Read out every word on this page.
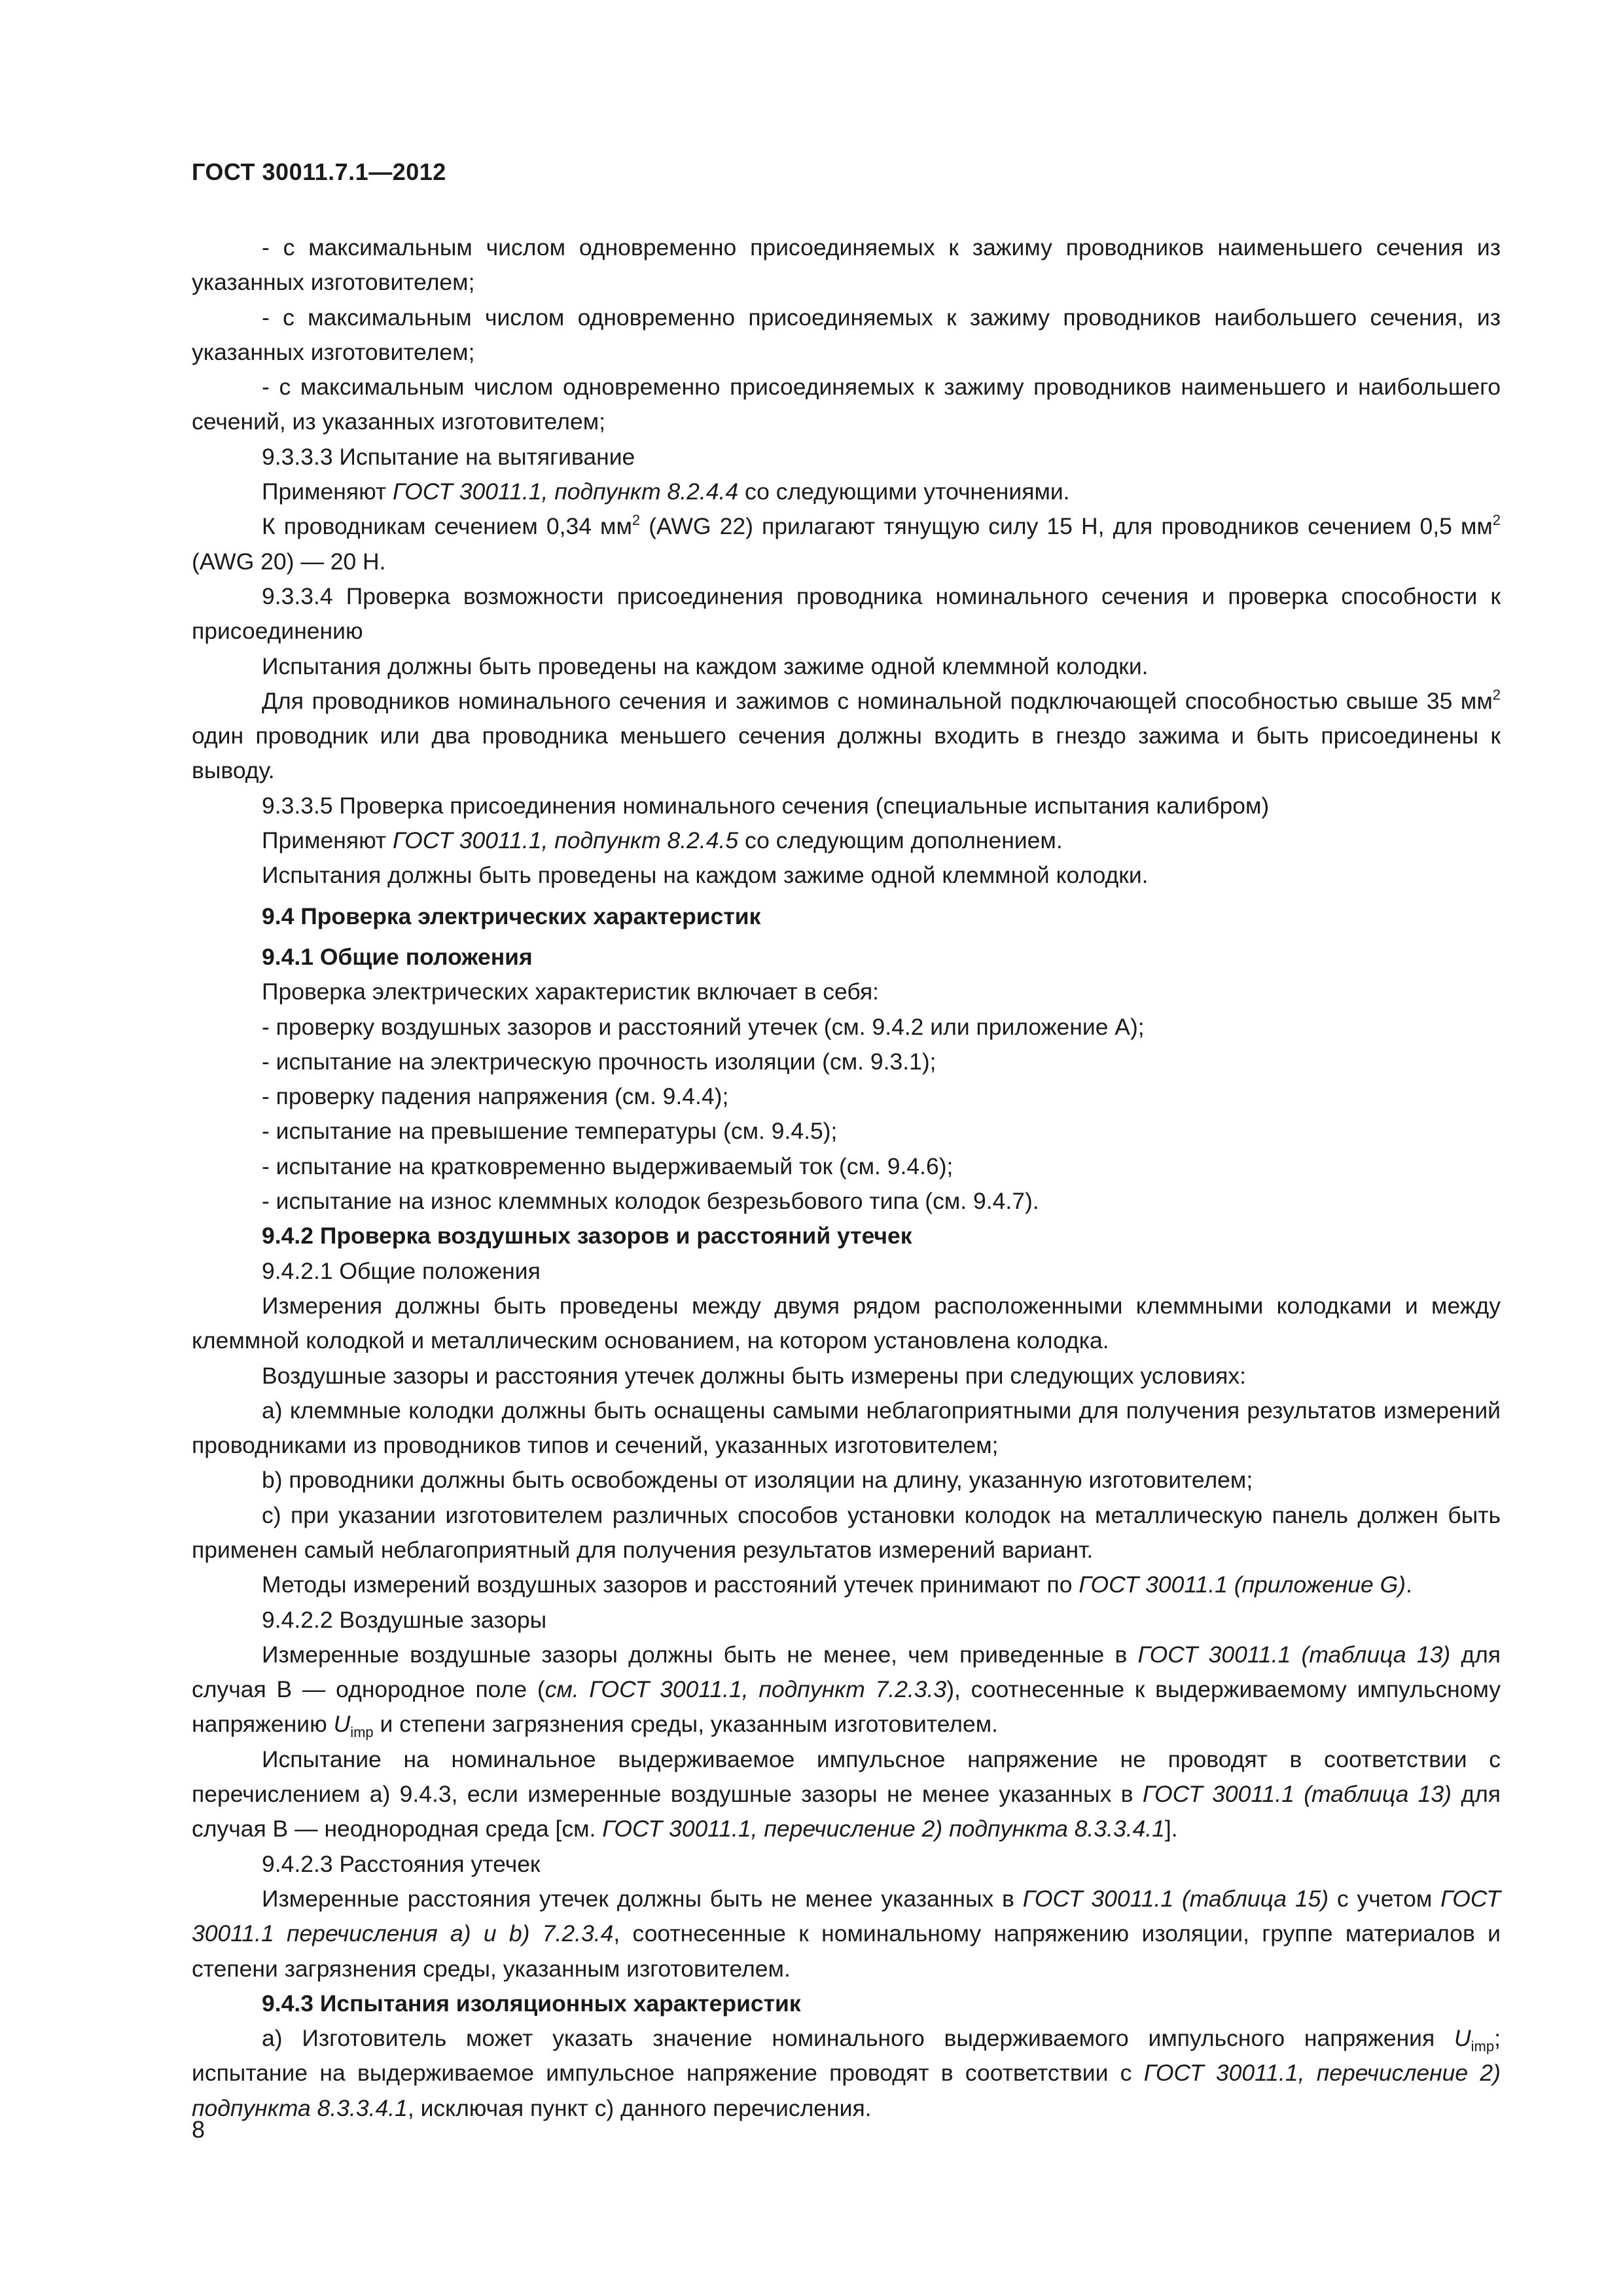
ГОСТ 30011.7.1—2012

- с максимальным числом одновременно присоединяемых к зажиму проводников наименьшего сечения из указанных изготовителем;

- с максимальным числом одновременно присоединяемых к зажиму проводников наибольшего сечения, из указанных изготовителем;

- с максимальным числом одновременно присоединяемых к зажиму проводников наименьшего и наибольшего сечений, из указанных изготовителем;

9.3.3.3 Испытание на вытягивание

Применяют ГОСТ 30011.1, подпункт 8.2.4.4 со следующими уточнениями.

К проводникам сечением 0,34 $мм^2$ (AWG 22) прилагают тянущую силу 15 Н, для проводников сечением 0,5 $мм^2$ (AWG 20) — 20 Н.

9.3.3.4 Проверка возможности присоединения проводника номинального сечения и проверка способности к присоединению

Испытания должны быть проведены на каждом зажиме одной клеммной колодки.

Для проводников номинального сечения и зажимов с номинальной подключающей способностью свыше 35 $мм^2$ один проводник или два проводника меньшего сечения должны входить в гнездо зажима и быть присоединены к выводу.

9.3.3.5 Проверка присоединения номинального сечения (специальные испытания калибром)

Применяют ГОСТ 30011.1, подпункт 8.2.4.5 со следующим дополнением.

Испытания должны быть проведены на каждом зажиме одной клеммной колодки.

9.4 Проверка электрических характеристик

9.4.1 Общие положения

Проверка электрических характеристик включает в себя:

- проверку воздушных зазоров и расстояний утечек (см. 9.4.2 или приложение А);

- испытание на электрическую прочность изоляции (см. 9.3.1);

- проверку падения напряжения (см. 9.4.4);

- испытание на превышение температуры (см. 9.4.5);

- испытание на кратковременно выдерживаемый ток (см. 9.4.6);

- испытание на износ клеммных колодок безрезьбового типа (см. 9.4.7).

9.4.2 Проверка воздушных зазоров и расстояний утечек

9.4.2.1 Общие положения

Измерения должны быть проведены между двумя рядом расположенными клеммными колодками и между клеммной колодкой и металлическим основанием, на котором установлена колодка.

Воздушные зазоры и расстояния утечек должны быть измерены при следующих условиях:

a) клеммные колодки должны быть оснащены самыми неблагоприятными для получения результатов измерений проводниками из проводников типов и сечений, указанных изготовителем;

b) проводники должны быть освобождены от изоляции на длину, указанную изготовителем;

c) при указании изготовителем различных способов установки колодок на металлическую панель должен быть применен самый неблагоприятный для получения результатов измерений вариант.

Методы измерений воздушных зазоров и расстояний утечек принимают по ГОСТ 30011.1 (приложение G).

9.4.2.2 Воздушные зазоры

Измеренные воздушные зазоры должны быть не менее, чем приведенные в ГОСТ 30011.1 (таблица 13) для случая В — однородное поле (см. ГОСТ 30011.1, подпункт 7.2.3.3), соотнесенные к выдерживаемому импульсному напряжению $U_{imp}$ и степени загрязнения среды, указанным изготовителем.

Испытание на номинальное выдерживаемое импульсное напряжение не проводят в соответствии с перечислением а) 9.4.3, если измеренные воздушные зазоры не менее указанных в ГОСТ 30011.1 (таблица 13) для случая В — неоднородная среда [см. ГОСТ 30011.1, перечисление 2) подпункта 8.3.3.4.1].

9.4.2.3 Расстояния утечек

Измеренные расстояния утечек должны быть не менее указанных в ГОСТ 30011.1 (таблица 15) с учетом ГОСТ 30011.1 перечисления a) и b) 7.2.3.4, соотнесенные к номинальному напряжению изоляции, группе материалов и степени загрязнения среды, указанным изготовителем.

9.4.3 Испытания изоляционных характеристик

а) Изготовитель может указать значение номинального выдерживаемого импульсного напряжения $U_{imp}$; испытание на выдерживаемое импульсное напряжение проводят в соответствии с ГОСТ 30011.1, перечисление 2) подпункта 8.3.3.4.1, исключая пункт с) данного перечисления.

8
